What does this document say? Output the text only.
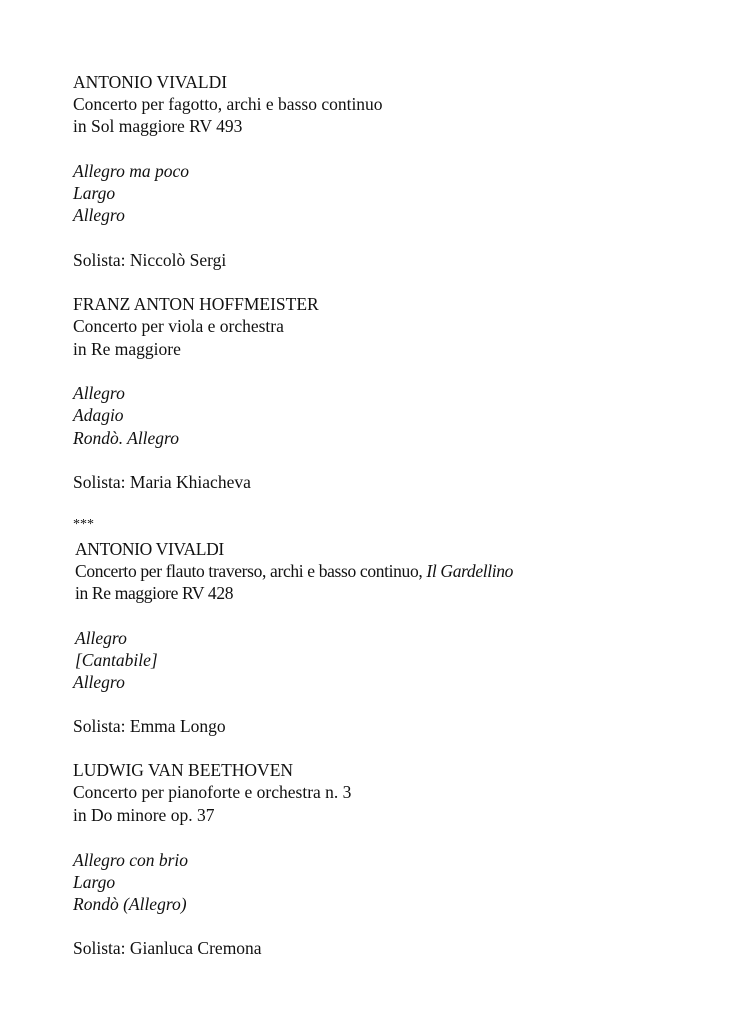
ANTONIO VIVALDI
Concerto per fagotto, archi e basso continuo
in Sol maggiore RV 493
Allegro ma poco
Largo
Allegro
Solista: Niccolò Sergi
FRANZ ANTON HOFFMEISTER
Concerto per viola e orchestra
in Re maggiore
Allegro
Adagio
Rondò. Allegro
Solista: Maria Khiacheva
***
ANTONIO VIVALDI
Concerto per flauto traverso, archi e basso continuo, Il Gardellino
in Re maggiore RV 428
Allegro
[Cantabile]
Allegro
Solista: Emma Longo
LUDWIG VAN BEETHOVEN
Concerto per pianoforte e orchestra n. 3
in Do minore op. 37
Allegro con brio
Largo
Rondò (Allegro)
Solista: Gianluca Cremona
